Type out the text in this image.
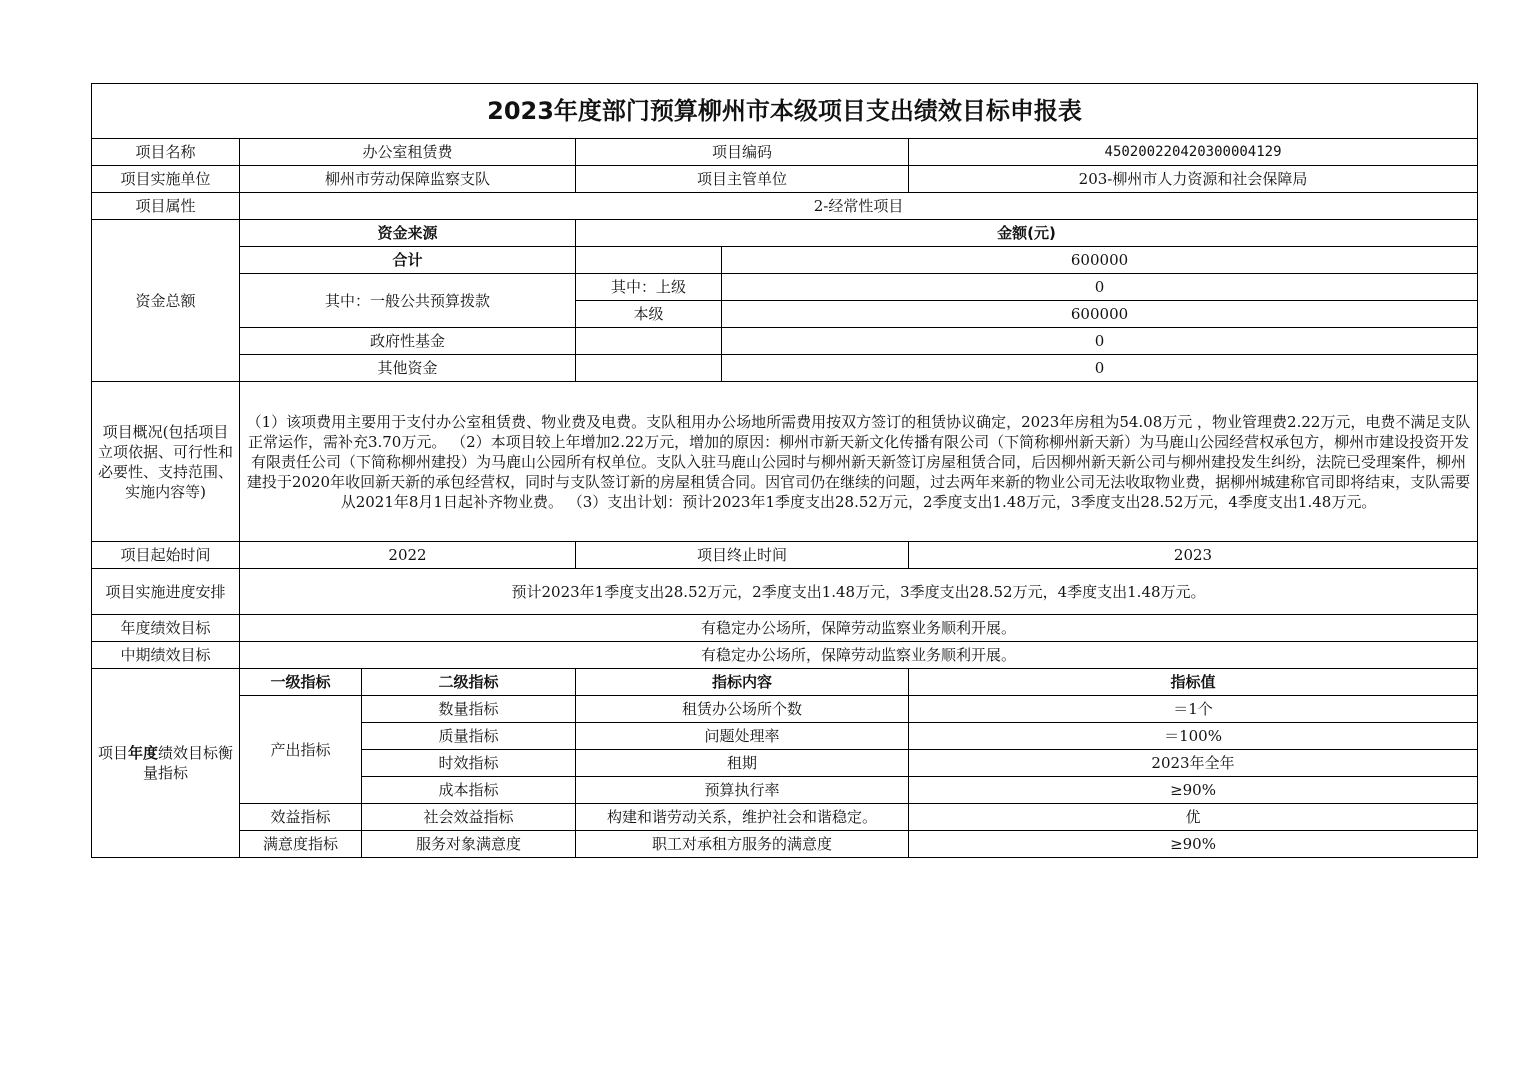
2023年度部门预算柳州市本级项目支出绩效目标申报表					
项目名称	办公室租赁费		项目编码		450200220420300004129
项目实施单位	柳州市劳动保障监察支队		项目主管单位		203-柳州市人力资源和社会保障局
项目属性	2-经常性项目				
资金总额	资金来源		金额(元)		
	合计			600000	
	其中：一般公共预算拨款		其中：上级	0	
			本级	600000	
	政府性基金			0	
	其他资金			0	
项目概况(包括项目立项依据、可行性和必要性、支持范围、实施内容等)	（1）该项费用主要用于支付办公室租赁费、物业费及电费。支队租用办公场地所需费用按双方签订的租赁协议确定，2023年房租为54.08万元 ，物业管理费2.22万元，电费不满足支队正常运作，需补充3.70万元。 （2）本项目较上年增加2.22万元，增加的原因：柳州市新天新文化传播有限公司（下简称柳州新天新）为马鹿山公园经营权承包方，柳州市建设投资开发有限责任公司（下简称柳州建投）为马鹿山公园所有权单位。支队入驻马鹿山公园时与柳州新天新签订房屋租赁合同，后因柳州新天新公司与柳州建投发生纠纷，法院已受理案件，柳州建投于2020年收回新天新的承包经营权，同时与支队签订新的房屋租赁合同。因官司仍在继续的问题，过去两年来新的物业公司无法收取物业费，据柳州城建称官司即将结束，支队需要从2021年8月1日起补齐物业费。 （3）支出计划：预计2023年1季度支出28.52万元，2季度支出1.48万元，3季度支出28.52万元，4季度支出1.48万元。				
项目起始时间	2022		项目终止时间		2023
项目实施进度安排	预计2023年1季度支出28.52万元，2季度支出1.48万元，3季度支出28.52万元，4季度支出1.48万元。				
年度绩效目标	有稳定办公场所，保障劳动监察业务顺利开展。				
中期绩效目标	有稳定办公场所，保障劳动监察业务顺利开展。				
项目年度绩效目标衡量指标	一级指标	二级指标	指标内容		指标值
	产出指标	数量指标	租赁办公场所个数		＝1个
		质量指标	问题处理率		＝100%
		时效指标	租期		2023年全年
		成本指标	预算执行率		≥90%
	效益指标	社会效益指标	构建和谐劳动关系，维护社会和谐稳定。		优
	满意度指标	服务对象满意度	职工对承租方服务的满意度		≥90%
